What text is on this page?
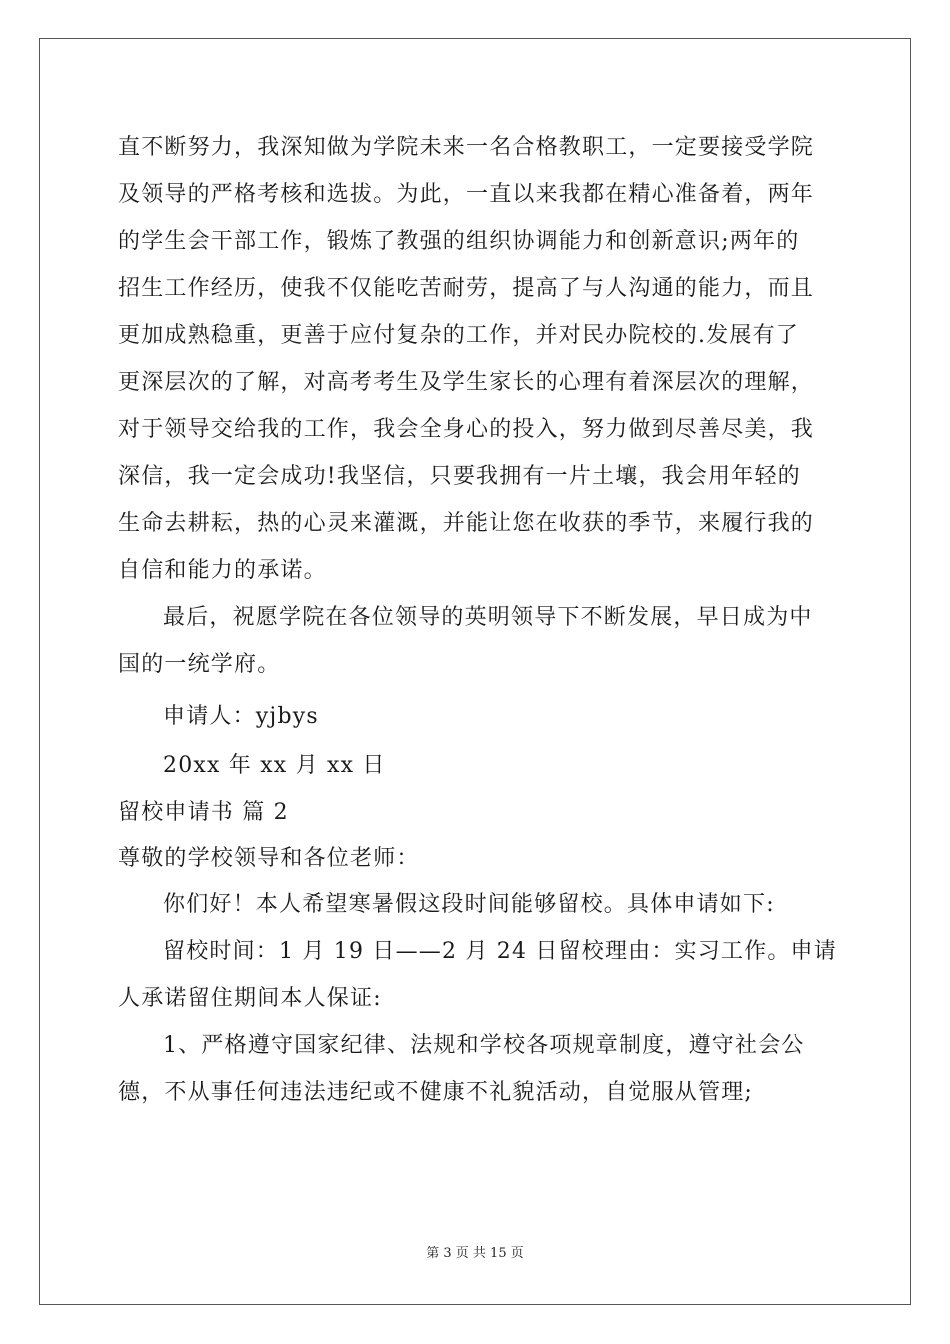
直不断努力，我深知做为学院未来一名合格教职工，一定要接受学院
及领导的严格考核和选拔。为此，一直以来我都在精心准备着，两年
的学生会干部工作，锻炼了教强的组织协调能力和创新意识;两年的
招生工作经历，使我不仅能吃苦耐劳，提高了与人沟通的能力，而且
更加成熟稳重，更善于应付复杂的工作，并对民办院校的.发展有了
更深层次的了解，对高考考生及学生家长的心理有着深层次的理解，
对于领导交给我的工作，我会全身心的投入，努力做到尽善尽美，我
深信，我一定会成功!我坚信，只要我拥有一片土壤，我会用年轻的
生命去耕耘，热的心灵来灌溉，并能让您在收获的季节，来履行我的
自信和能力的承诺。
最后，祝愿学院在各位领导的英明领导下不断发展，早日成为中
国的一统学府。
申请人：yjbys
20xx 年 xx 月 xx 日
留校申请书 篇 2
尊敬的学校领导和各位老师：
你们好！本人希望寒暑假这段时间能够留校。具体申请如下:
留校时间：1 月 19 日——2 月 24 日留校理由：实习工作。申请
人承诺留住期间本人保证:
1、严格遵守国家纪律、法规和学校各项规章制度，遵守社会公
德，不从事任何违法违纪或不健康不礼貌活动，自觉服从管理;
第 3 页 共 15 页
